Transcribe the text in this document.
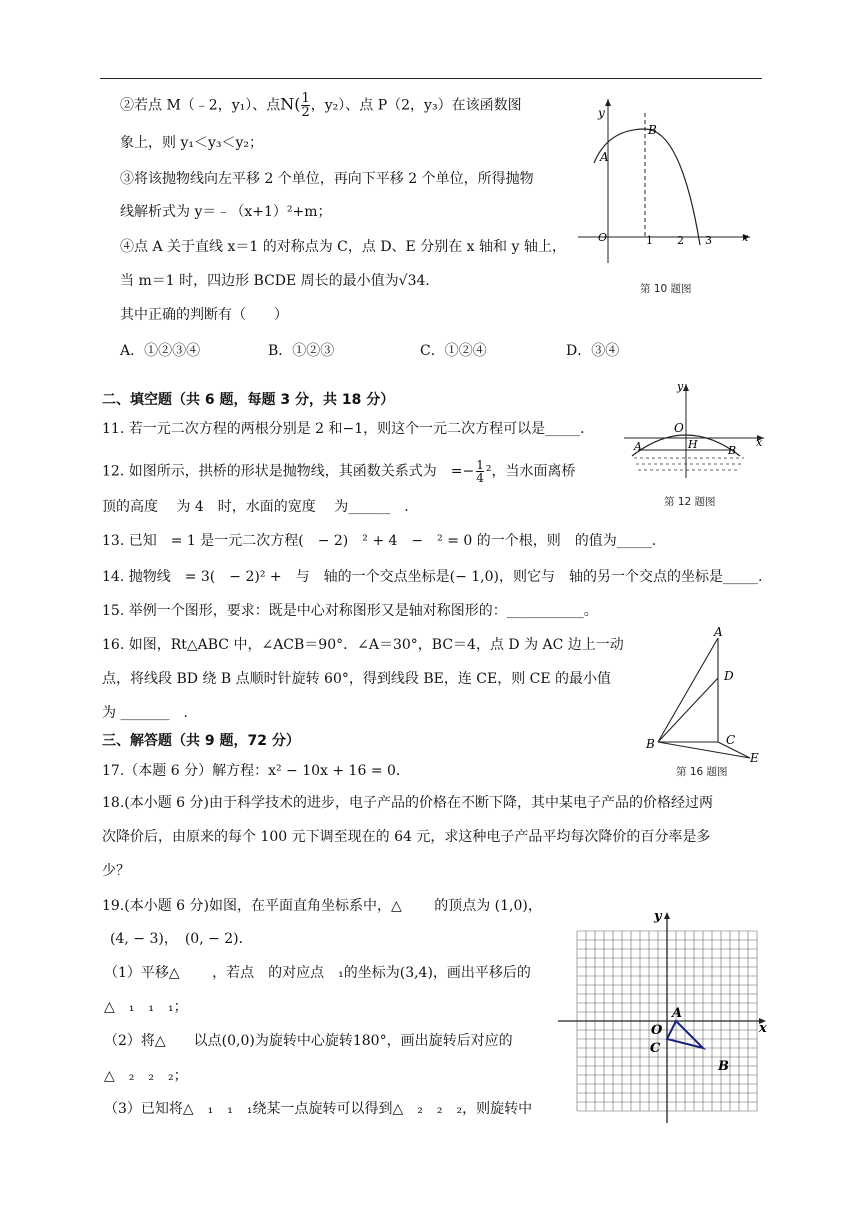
②若点 M（﹣2，y₁）、点$N( \frac{1}{2}$ ，y₂）、点 P（2，y₃）在该函数图
象上，则 y₁＜y₃＜y₂；
③将该抛物线向左平移 2 个单位，再向下平移 2 个单位，所得抛物
线解析式为 y＝﹣（x+1）²+m；
④点 A 关于直线 x＝1 的对称点为 C，点 D、E 分别在 x 轴和 y 轴上，
当 m＝1 时，四边形 BCDE 周长的最小值为√34．
其中正确的判断有（　　）
A．①②③④	B．①②③	C．①②④	D．③④
y
x
O
A
B
1 2 3
第 10 题图
二、填空题（共 6 题，每题 3 分，共 18 分）
11. 若一元二次方程的两根分别是 2 和−1，则这个一元二次方程可以是_____．
12. 如图所示，拱桥的形状是抛物线，其函数关系式为　=− $\frac{1}{4} ^2$，当水面离桥
顶的高度　 为 4　时，水面的宽度　 为______　.
y
O
H
A	B
x
第 12 题图
13. 已知　= 1 是一元二次方程(　− 2)　² + 4　−　² = 0 的一个根，则　的值为_____.
14. 抛物线　= 3(　− 2)² +　与　轴的一个交点坐标是(− 1,0)，则它与　轴的另一个交点的坐标是_____.
15. 举例一个图形，要求：既是中心对称图形又是轴对称图形的：___________。
16. 如图，Rt△ABC 中，∠ACB＝90°．∠A＝30°，BC＝4，点 D 为 AC 边上一动
点，将线段 BD 绕 B 点顺时针旋转 60°，得到线段 BE，连 CE，则 CE 的最小值
为 _______　.
A
D
B	C
E
第 16 题图
三、解答题（共 9 题，72 分）
17.（本题 6 分）解方程：x² − 10x + 16 = 0．
18.(本小题 6 分)由于科学技术的进步，电子产品的价格在不断下降，其中某电子产品的价格经过两
次降价后，由原来的每个 100 元下调至现在的 64 元，求这种电子产品平均每次降价的百分率是多
少？
19.(本小题 6 分)如图，在平面直角坐标系中，△　　 的顶点为 (1,0)，
(4, − 3)，　(0, − 2)．
（1）平移△　　 ，若点　的对应点　₁的坐标为(3,4)，画出平移后的
△　₁　₁　₁；
（2）将△　　以点(0,0)为旋转中心旋转180°，画出旋转后对应的
△　₂　₂　₂；
（3）已知将△　₁　₁　₁绕某一点旋转可以得到△　₂　₂　₂，则旋转中
y
x
O
A
B
C
